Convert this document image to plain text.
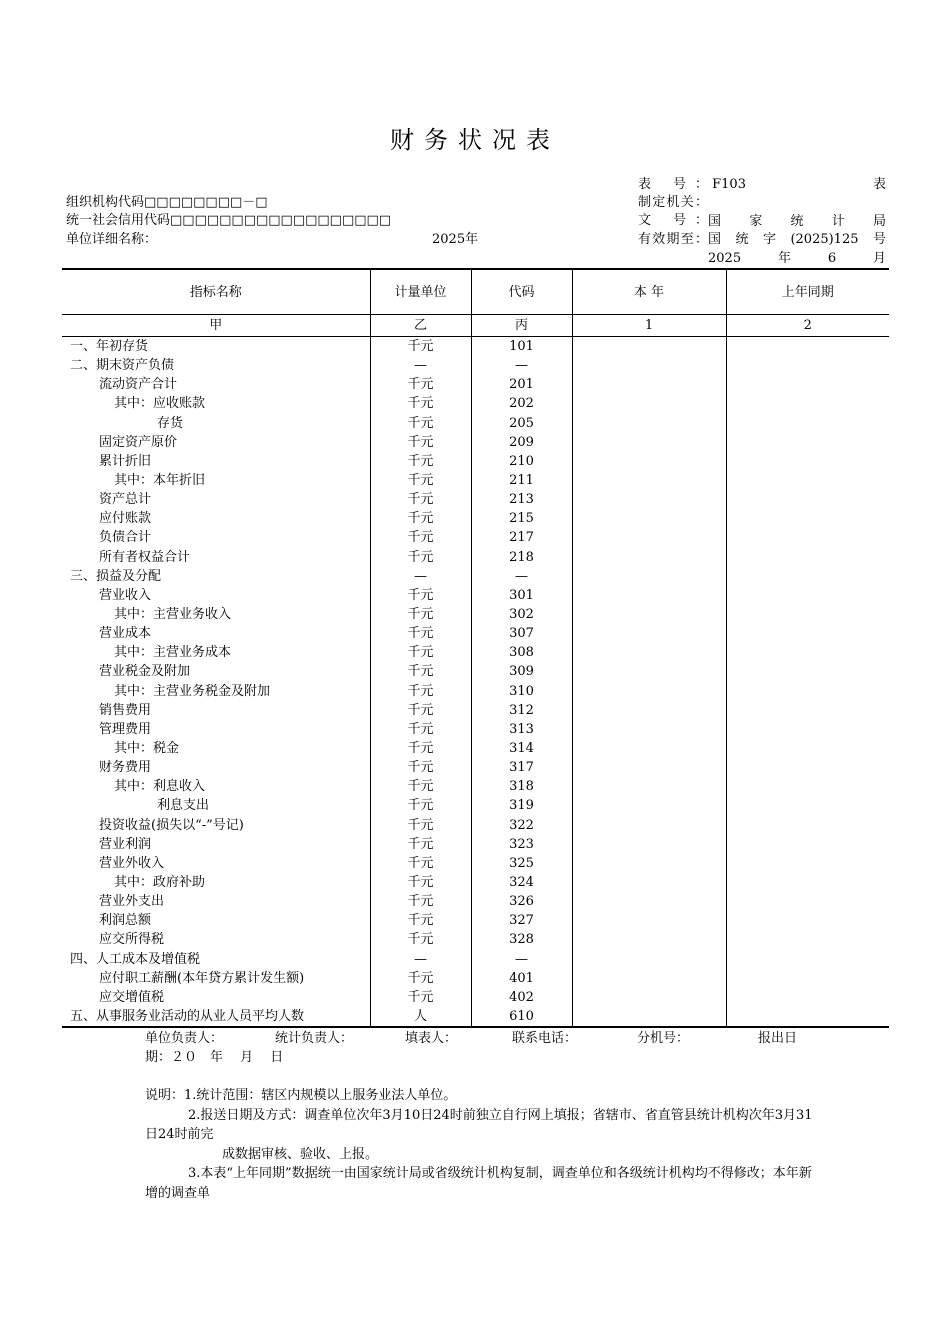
财务状况表
组织机构代码□□□□□□□□－□
统一社会信用代码□□□□□□□□□□□□□□□□□□
单位详细名称：	2025年
表 号： F103	表
制定机关：
国 家 统 计 局
文 号：
国 统 字 (2025)125 号
有效期至：
2025	年	6	月
指标名称	计量单位	代码	本 年	上年同期
甲	乙	丙	1	2
一、年初存货	千元	101		
二、期末资产负债	—	—		
流动资产合计	千元	201		
其中：应收账款	千元	202		
存货	千元	205		
固定资产原价	千元	209		
累计折旧	千元	210		
其中：本年折旧	千元	211		
资产总计	千元	213		
应付账款	千元	215		
负债合计	千元	217		
所有者权益合计	千元	218		
三、损益及分配	—	—		
营业收入	千元	301		
其中：主营业务收入	千元	302		
营业成本	千元	307		
其中：主营业务成本	千元	308		
营业税金及附加	千元	309		
其中：主营业务税金及附加	千元	310		
销售费用	千元	312		
管理费用	千元	313		
其中：税金	千元	314		
财务费用	千元	317		
其中：利息收入	千元	318		
利息支出	千元	319		
投资收益(损失以“-”号记)	千元	322		
营业利润	千元	323		
营业外收入	千元	325		
其中：政府补助	千元	324		
营业外支出	千元	326		
利润总额	千元	327		
应交所得税	千元	328		
四、人工成本及增值税	—	—		
应付职工薪酬(本年贷方累计发生额)	千元	401		
应交增值税	千元	402		
五、从事服务业活动的从业人员平均人数	人	610		
单位负责人：	统计负责人：	填表人：	联系电话：	分机号：	报出日
期：２０　年　 月　 日

说明：1.统计范围：辖区内规模以上服务业法人单位。

2.报送日期及方式：调查单位次年3月10日24时前独立自行网上填报；省辖市、省直管县统计机构次年3月31日24时前完

成数据审核、验收、上报。

3.本表“上年同期”数据统一由国家统计局或省级统计机构复制，调查单位和各级统计机构均不得修改；本年新增的调查单
